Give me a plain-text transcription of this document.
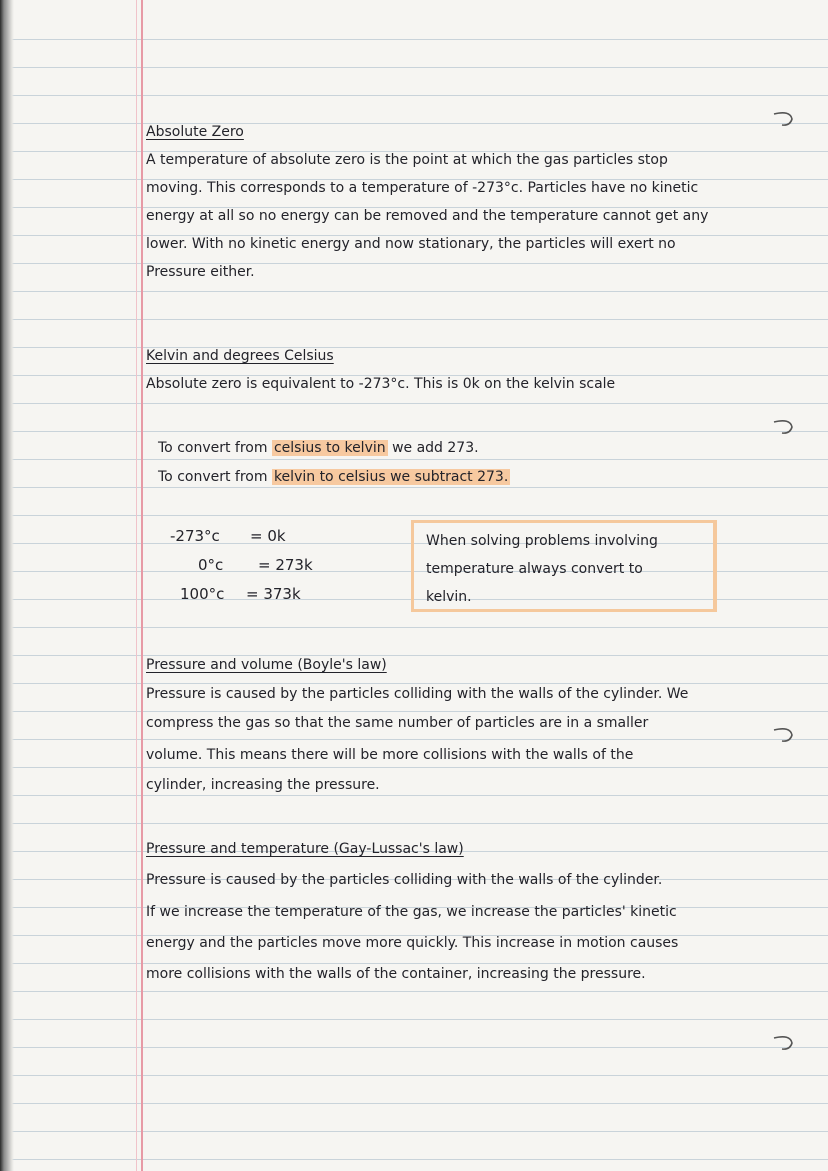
Absolute Zero
A temperature of absolute zero is the point at which the gas particles stop
moving. This corresponds to a temperature of -273°c. Particles have no kinetic
energy at all so no energy can be removed and the temperature cannot get any
lower. With no kinetic energy and now stationary, the particles will exert no
Pressure either.
Kelvin and degrees Celsius
Absolute zero is equivalent to -273°c. This is 0k on the kelvin scale
To convert from celsius to kelvin we add 273.
To convert from kelvin to celsius we subtract 273.
-273°c = 0k
0°c = 273k
100°c = 373k
When solving problems involving
temperature always convert to
kelvin.
Pressure and volume (Boyle's law)
Pressure is caused by the particles colliding with the walls of the cylinder. We
compress the gas so that the same number of particles are in a smaller
volume. This means there will be more collisions with the walls of the
cylinder, increasing the pressure.
Pressure and temperature (Gay-Lussac's law)
Pressure is caused by the particles colliding with the walls of the cylinder.
If we increase the temperature of the gas, we increase the particles' kinetic
energy and the particles move more quickly. This increase in motion causes
more collisions with the walls of the container, increasing the pressure.
